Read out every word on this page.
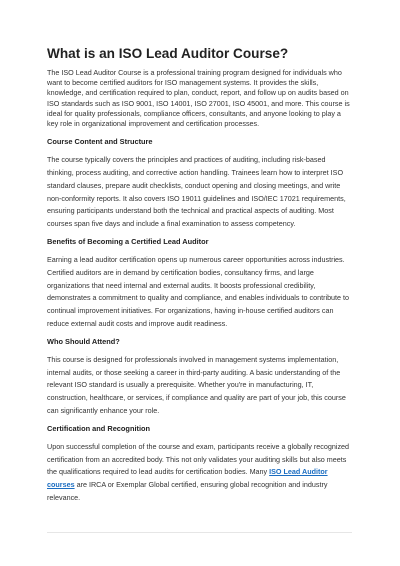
What is an ISO Lead Auditor Course?

The ISO Lead Auditor Course is a professional training program designed for individuals who want to become certified auditors for ISO management systems. It provides the skills, knowledge, and certification required to plan, conduct, report, and follow up on audits based on ISO standards such as ISO 9001, ISO 14001, ISO 27001, ISO 45001, and more. This course is ideal for quality professionals, compliance officers, consultants, and anyone looking to play a key role in organizational improvement and certification processes.

Course Content and Structure

The course typically covers the principles and practices of auditing, including risk-based thinking, process auditing, and corrective action handling. Trainees learn how to interpret ISO standard clauses, prepare audit checklists, conduct opening and closing meetings, and write non-conformity reports. It also covers ISO 19011 guidelines and ISO/IEC 17021 requirements, ensuring participants understand both the technical and practical aspects of auditing. Most courses span five days and include a final examination to assess competency.

Benefits of Becoming a Certified Lead Auditor

Earning a lead auditor certification opens up numerous career opportunities across industries. Certified auditors are in demand by certification bodies, consultancy firms, and large organizations that need internal and external audits. It boosts professional credibility, demonstrates a commitment to quality and compliance, and enables individuals to contribute to continual improvement initiatives. For organizations, having in-house certified auditors can reduce external audit costs and improve audit readiness.

Who Should Attend?

This course is designed for professionals involved in management systems implementation, internal audits, or those seeking a career in third-party auditing. A basic understanding of the relevant ISO standard is usually a prerequisite. Whether you're in manufacturing, IT, construction, healthcare, or services, if compliance and quality are part of your job, this course can significantly enhance your role.

Certification and Recognition

Upon successful completion of the course and exam, participants receive a globally recognized certification from an accredited body. This not only validates your auditing skills but also meets the qualifications required to lead audits for certification bodies. Many ISO Lead Auditor courses are IRCA or Exemplar Global certified, ensuring global recognition and industry relevance.
